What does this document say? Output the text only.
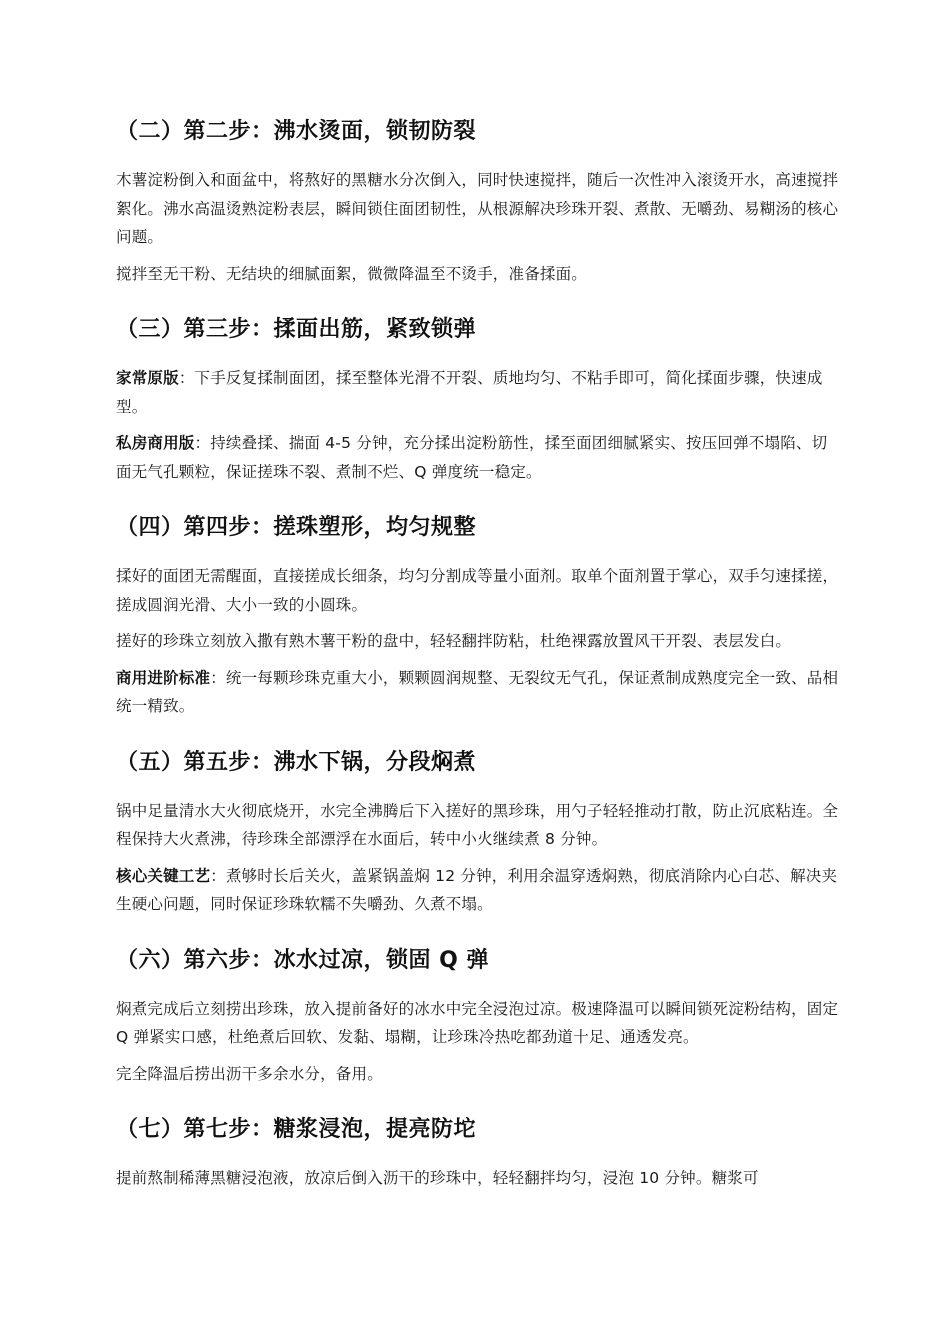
（二）第二步：沸水烫面，锁韧防裂

木薯淀粉倒入和面盆中，将熬好的黑糖水分次倒入，同时快速搅拌，随后一次性冲入滚烫开水，高速搅拌絮化。沸水高温烫熟淀粉表层，瞬间锁住面团韧性，从根源解决珍珠开裂、煮散、无嚼劲、易糊汤的核心问题。

搅拌至无干粉、无结块的细腻面絮，微微降温至不烫手，准备揉面。

（三）第三步：揉面出筋，紧致锁弹

家常原版：下手反复揉制面团，揉至整体光滑不开裂、质地均匀、不粘手即可，简化揉面步骤，快速成型。

私房商用版：持续叠揉、揣面 4-5 分钟，充分揉出淀粉筋性，揉至面团细腻紧实、按压回弹不塌陷、切面无气孔颗粒，保证搓珠不裂、煮制不烂、Q 弹度统一稳定。

（四）第四步：搓珠塑形，均匀规整

揉好的面团无需醒面，直接搓成长细条，均匀分割成等量小面剂。取单个面剂置于掌心，双手匀速揉搓，搓成圆润光滑、大小一致的小圆珠。

搓好的珍珠立刻放入撒有熟木薯干粉的盘中，轻轻翻拌防粘，杜绝裸露放置风干开裂、表层发白。

商用进阶标准：统一每颗珍珠克重大小，颗颗圆润规整、无裂纹无气孔，保证煮制成熟度完全一致、品相统一精致。

（五）第五步：沸水下锅，分段焖煮

锅中足量清水大火彻底烧开，水完全沸腾后下入搓好的黑珍珠，用勺子轻轻推动打散，防止沉底粘连。全程保持大火煮沸，待珍珠全部漂浮在水面后，转中小火继续煮 8 分钟。

核心关键工艺：煮够时长后关火，盖紧锅盖焖 12 分钟，利用余温穿透焖熟，彻底消除内心白芯、解决夹生硬心问题，同时保证珍珠软糯不失嚼劲、久煮不塌。

（六）第六步：冰水过凉，锁固 Q 弹

焖煮完成后立刻捞出珍珠，放入提前备好的冰水中完全浸泡过凉。极速降温可以瞬间锁死淀粉结构，固定 Q 弹紧实口感，杜绝煮后回软、发黏、塌糊，让珍珠冷热吃都劲道十足、通透发亮。

完全降温后捞出沥干多余水分，备用。

（七）第七步：糖浆浸泡，提亮防坨

提前熬制稀薄黑糖浸泡液，放凉后倒入沥干的珍珠中，轻轻翻拌均匀，浸泡 10 分钟。糖浆可
